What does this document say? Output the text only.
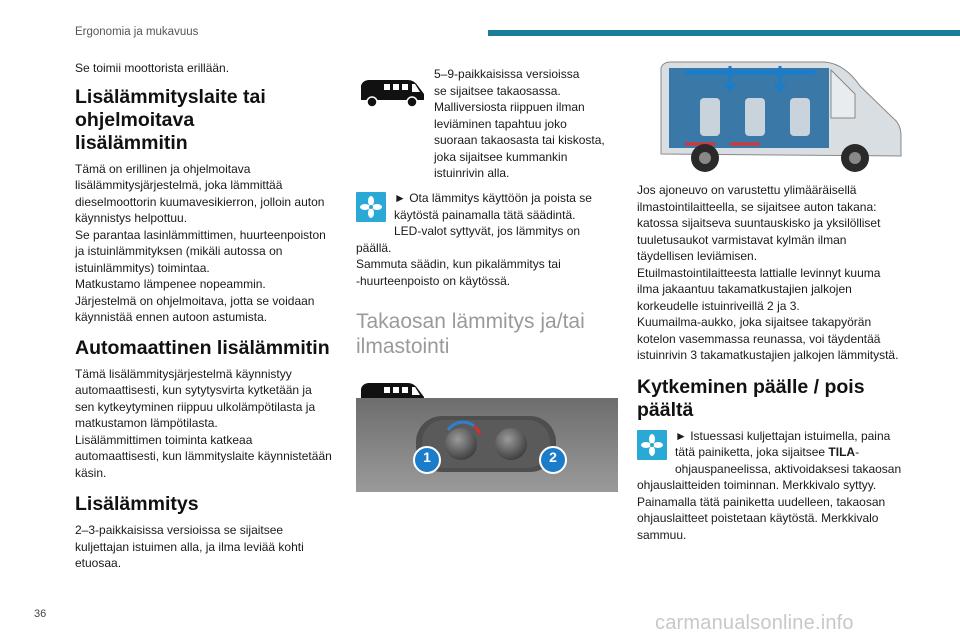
Ergonomia ja mukavuus

Se toimii moottorista erillään.

Lisälämmityslaite tai ohjelmoitava lisälämmitin

Tämä on erillinen ja ohjelmoitava
lisälämmitysjärjestelmä, joka lämmittää
dieselmoottorin kuumavesikierron, jolloin auton
käynnistys helpottuu.
Se parantaa lasinlämmittimen, huurteenpoiston
ja istuinlämmityksen (mikäli autossa on
istuinlämmitys) toimintaa.
Matkustamo lämpenee nopeammin.
Järjestelmä on ohjelmoitava, jotta se voidaan
käynnistää ennen autoon astumista.

Automaattinen lisälämmitin

Tämä lisälämmitysjärjestelmä käynnistyy
automaattisesti, kun sytytysvirta kytketään ja
sen kytkeytyminen riippuu ulkolämpötilasta ja
matkustamon lämpötilasta.
Lisälämmittimen toiminta katkeaa
automaattisesti, kun lämmityslaite käynnistetään
käsin.

Lisälämmitys

2–3-paikkaisissa versioissa se sijaitsee
kuljettajan istuimen alla, ja ilma leviää kohti
etuosaa.

5–9-paikkaisissa versioissa
se sijaitsee takaosassa.
Malliversiosta riippuen ilman
leviäminen tapahtuu joko
suoraan takaosasta tai kiskosta,
joka sijaitsee kummankin
istuinrivin alla.

► Ota lämmitys käyttöön ja poista se
käytöstä painamalla tätä säädintä.
LED-valot syttyvät, jos lämmitys on päällä.
Sammuta säädin, kun pikalämmitys tai
-huurteenpoisto on käytössä.

Takaosan lämmitys ja/tai ilmastointi
1	2

Jos ajoneuvo on varustettu ylimääräisellä
ilmastointilaitteella, se sijaitsee auton takana:
katossa sijaitseva suuntauskisko ja yksilölliset
tuuletusaukot varmistavat kylmän ilman
täydellisen leviämisen.
Etuilmastointilaitteesta lattialle levinnyt kuuma
ilma jakaantuu takamatkustajien jalkojen
korkeudelle istuinriveillä 2 ja 3.
Kuumailma-aukko, joka sijaitsee takapyörän
kotelon vasemmassa reunassa, voi täydentää
istuinrivin 3 takamatkustajien jalkojen lämmitystä.

Kytkeminen päälle / pois
päältä

► Istuessasi kuljettajan istuimella, paina
tätä painiketta, joka sijaitsee TILA-
ohjauspaneelissa, aktivoidaksesi takaosan
ohjauslaitteiden toiminnan. Merkkivalo syttyy.
Painamalla tätä painiketta uudelleen, takaosan
ohjauslaitteet poistetaan käytöstä. Merkkivalo
sammuu.

36	carmanualsonline.info
